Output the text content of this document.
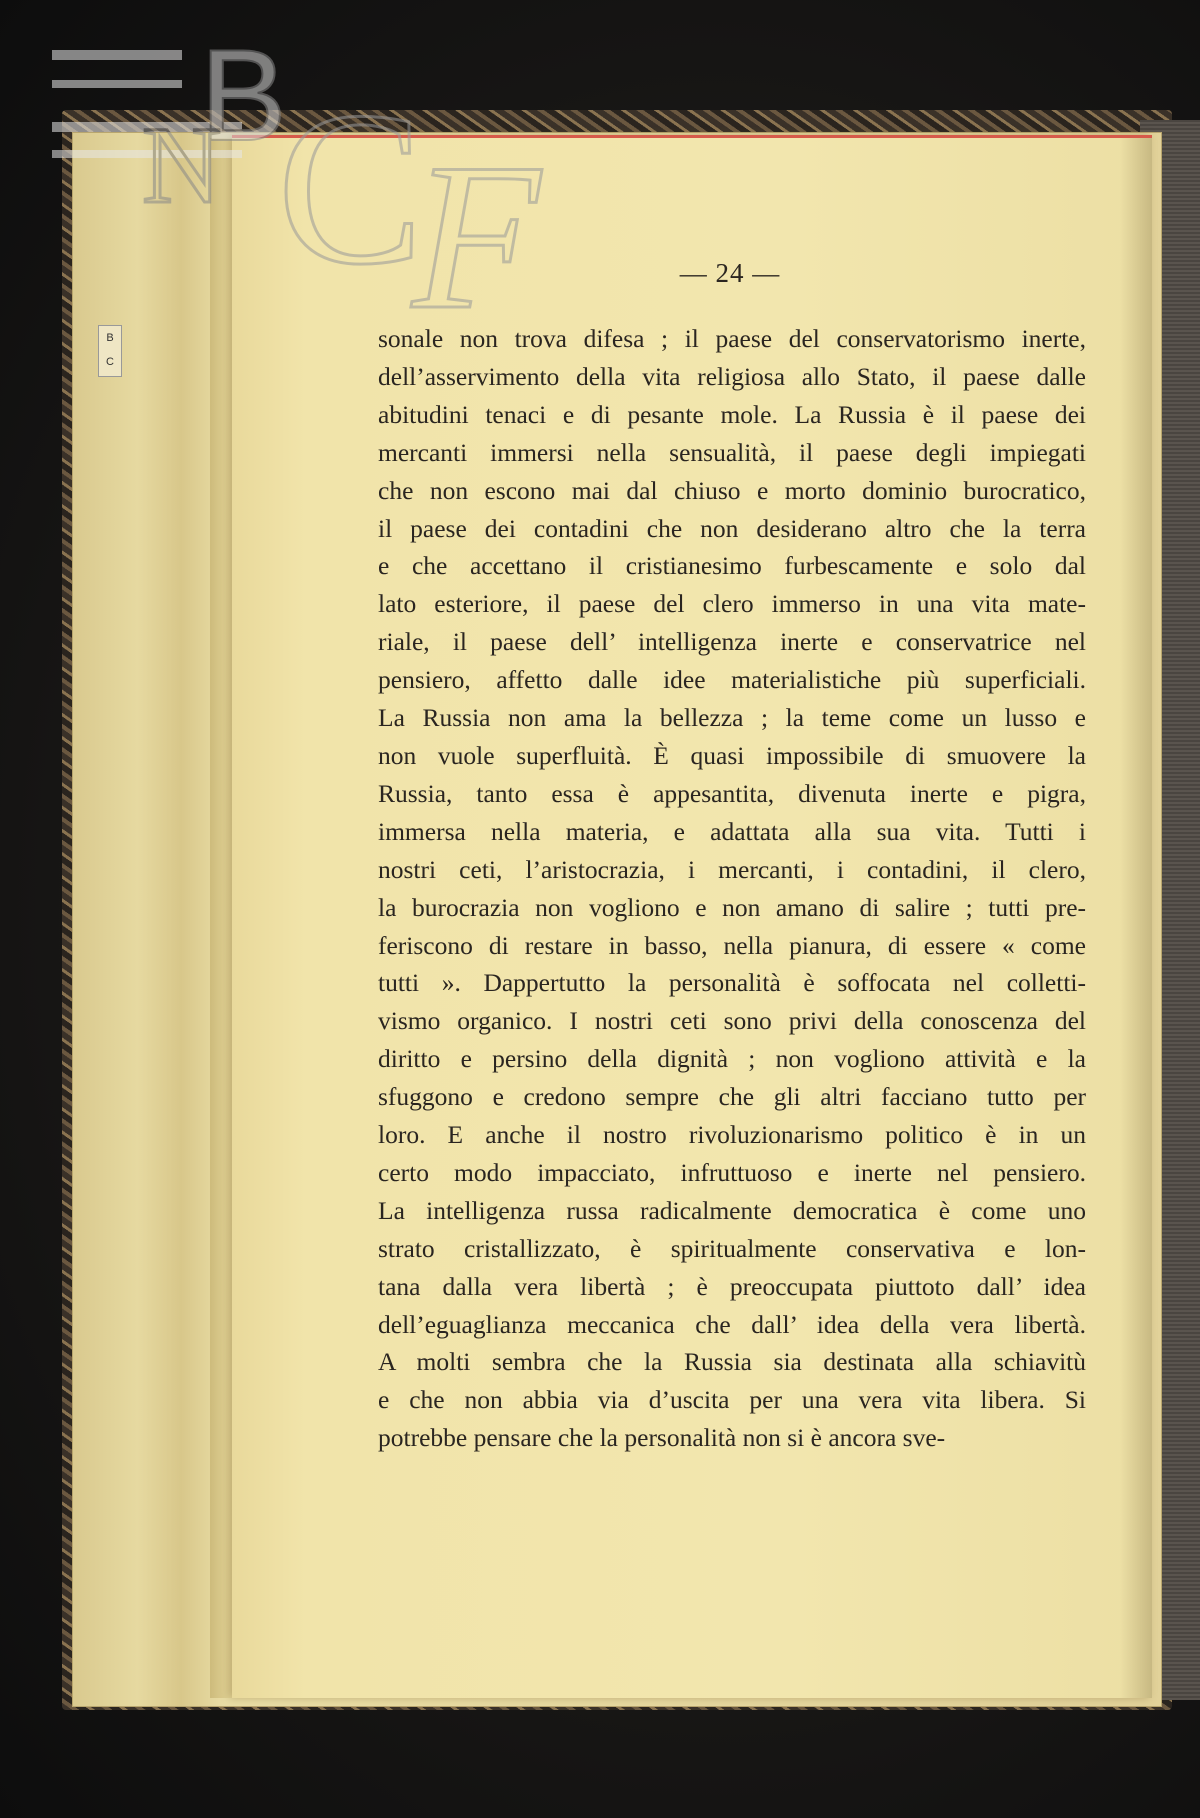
B
C
B
N C
F	— 24 —
sonale non trova difesa ; il paese del conservatorismo inerte,
dell’asservimento della vita religiosa allo Stato, il paese dalle
abitudini tenaci e di pesante mole. La Russia è il paese dei
mercanti immersi nella sensualità, il paese degli impiegati
che non escono mai dal chiuso e morto dominio burocratico,
il paese dei contadini che non desiderano altro che la terra
e che accettano il cristianesimo furbescamente e solo dal
lato esteriore, il paese del clero immerso in una vita mate-
riale, il paese dell’ intelligenza inerte e conservatrice nel
pensiero, affetto dalle idee materialistiche più superficiali.
La Russia non ama la bellezza ; la teme come un lusso e
non vuole superfluità. È quasi impossibile di smuovere la
Russia, tanto essa è appesantita, divenuta inerte e pigra,
immersa nella materia, e adattata alla sua vita. Tutti i
nostri ceti, l’aristocrazia, i mercanti, i contadini, il clero,
la burocrazia non vogliono e non amano di salire ; tutti pre-
feriscono di restare in basso, nella pianura, di essere « come
tutti ». Dappertutto la personalità è soffocata nel colletti-
vismo organico. I nostri ceti sono privi della conoscenza del
diritto e persino della dignità ; non vogliono attività e la
sfuggono e credono sempre che gli altri facciano tutto per
loro. E anche il nostro rivoluzionarismo politico è in un
certo modo impacciato, infruttuoso e inerte nel pensiero.
La intelligenza russa radicalmente democratica è come uno
strato cristallizzato, è spiritualmente conservativa e lon-
tana dalla vera libertà ; è preoccupata piuttoto dall’ idea
dell’eguaglianza meccanica che dall’ idea della vera libertà.
A molti sembra che la Russia sia destinata alla schiavitù
e che non abbia via d’uscita per una vera vita libera. Si
potrebbe pensare che la personalità non si è ancora sve-
